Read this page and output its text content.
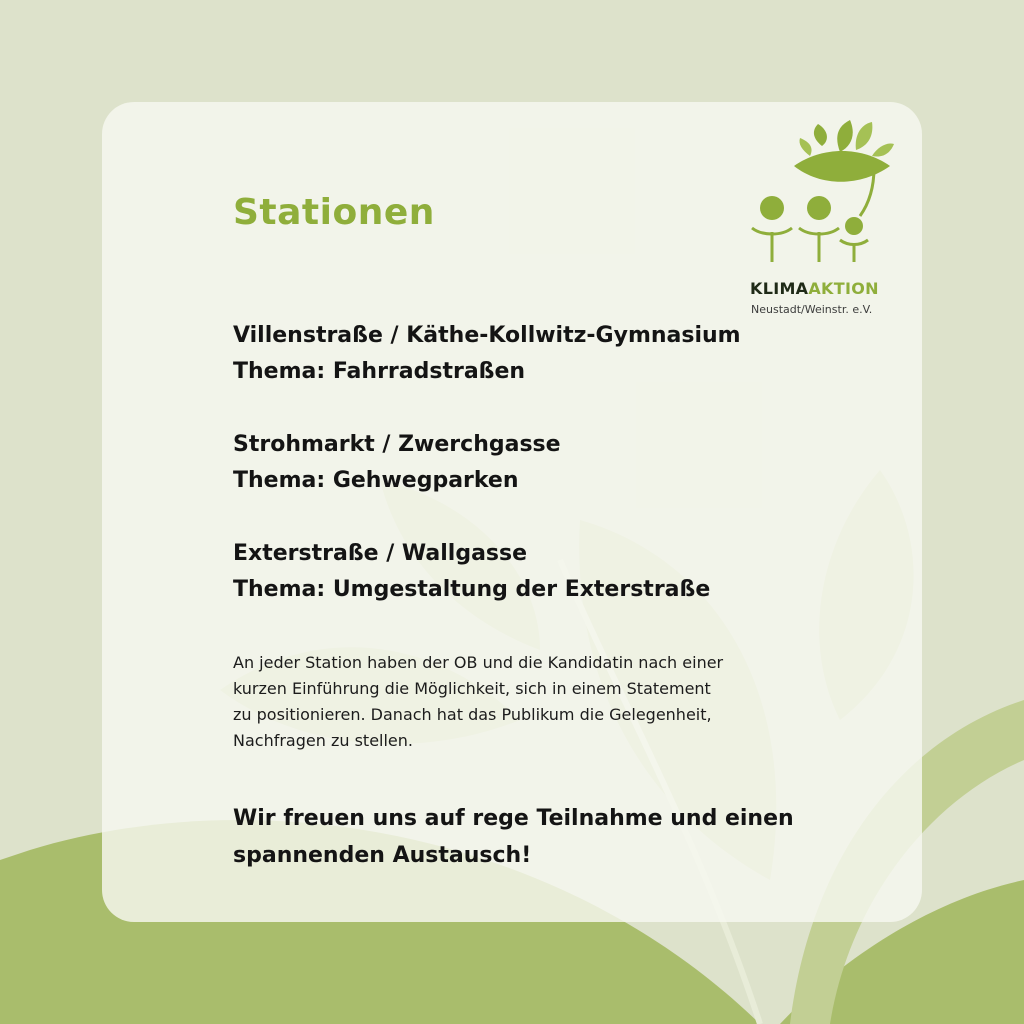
Stationen
KLIMAAKTION
Neustadt/Weinstr. e.V.
Villenstraße / Käthe-Kollwitz-Gymnasium
Thema: Fahrradstraßen
Strohmarkt / Zwerchgasse
Thema: Gehwegparken
Exterstraße / Wallgasse
Thema: Umgestaltung der Exterstraße

An jeder Station haben der OB und die Kandidatin nach einer
kurzen Einführung die Möglichkeit, sich in einem Statement
zu positionieren. Danach hat das Publikum die Gelegenheit,
Nachfragen zu stellen.

Wir freuen uns auf rege Teilnahme und einen
spannenden Austausch!
